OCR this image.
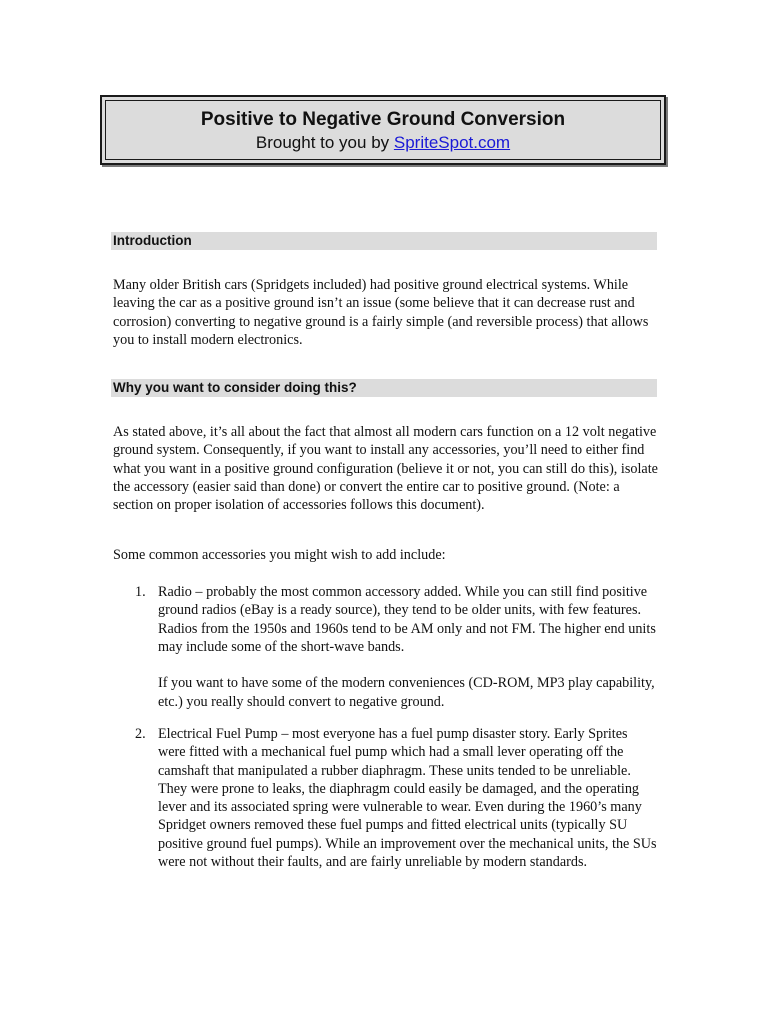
Positive to Negative Ground Conversion
Brought to you by SpriteSpot.com
Introduction

Many older British cars (Spridgets included) had positive ground electrical systems. While leaving the car as a positive ground isn’t an issue (some believe that it can decrease rust and corrosion) converting to negative ground is a fairly simple (and reversible process) that allows you to install modern electronics.

Why you want to consider doing this?

As stated above, it’s all about the fact that almost all modern cars function on a 12 volt negative ground system. Consequently, if you want to install any accessories, you’ll need to either find what you want in a positive ground configuration (believe it or not, you can still do this), isolate the accessory (easier said than done) or convert the entire car to positive ground. (Note: a section on proper isolation of accessories follows this document).

Some common accessories you might wish to add include:

1. Radio – probably the most common accessory added. While you can still find positive ground radios (eBay is a ready source), they tend to be older units, with few features. Radios from the 1950s and 1960s tend to be AM only and not FM. The higher end units may include some of the short-wave bands.

If you want to have some of the modern conveniences (CD-ROM, MP3 play capability, etc.) you really should convert to negative ground.

2. Electrical Fuel Pump – most everyone has a fuel pump disaster story. Early Sprites were fitted with a mechanical fuel pump which had a small lever operating off the camshaft that manipulated a rubber diaphragm. These units tended to be unreliable. They were prone to leaks, the diaphragm could easily be damaged, and the operating lever and its associated spring were vulnerable to wear. Even during the 1960’s many Spridget owners removed these fuel pumps and fitted electrical units (typically SU positive ground fuel pumps). While an improvement over the mechanical units, the SUs were not without their faults, and are fairly unreliable by modern standards.
